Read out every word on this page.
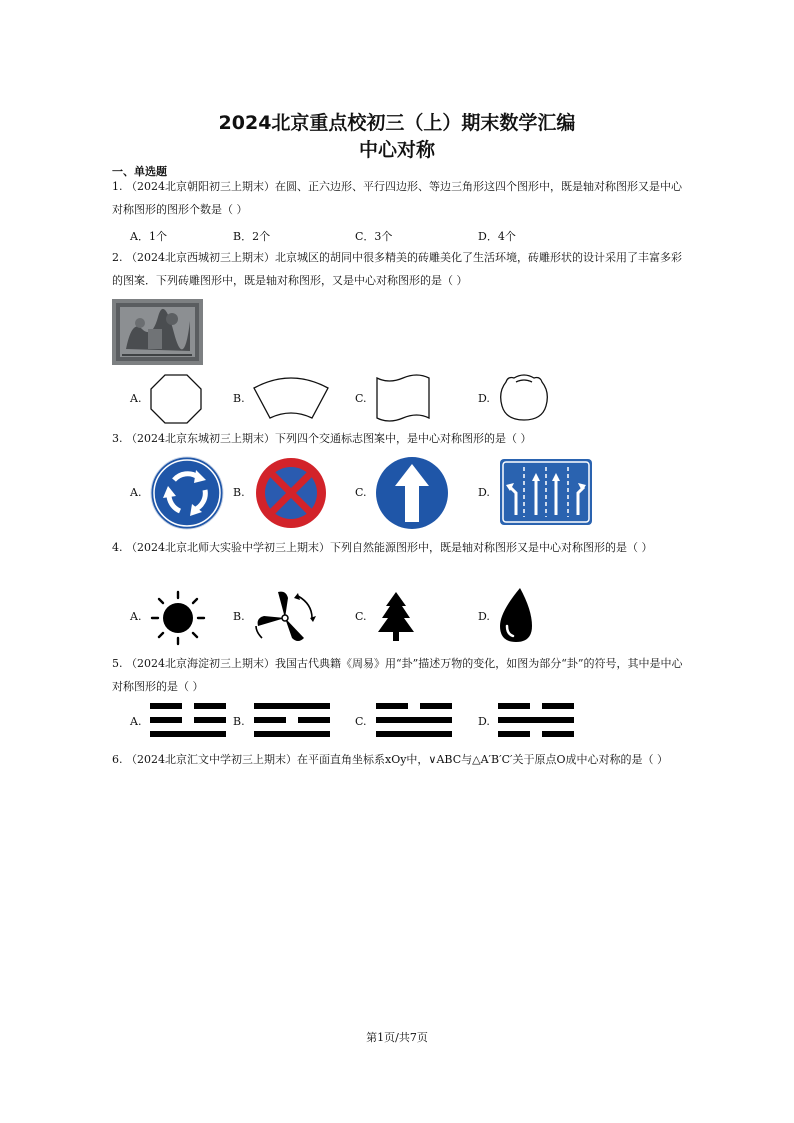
2024北京重点校初三（上）期末数学汇编
中心对称
一、单选题
1. （2024北京朝阳初三上期末）在圆、正六边形、平行四边形、等边三角形这四个图形中，既是轴对称图形又是中心对称图形的图形个数是（ ）
A．1个	B．2个	C．3个	D．4个
2. （2024北京西城初三上期末）北京城区的胡同中很多精美的砖雕美化了生活环境，砖雕形状的设计采用了丰富多彩的图案．下列砖雕图形中，既是轴对称图形，又是中心对称图形的是（ ）
A.	B.	C.	D.
3. （2024北京东城初三上期末）下列四个交通标志图案中，是中心对称图形的是（ ）
A.	B.	C.	D.
4. （2024北京北师大实验中学初三上期末）下列自然能源图形中，既是轴对称图形又是中心对称图形的是（ ）
A.	B.	C.	D.
5. （2024北京海淀初三上期末）我国古代典籍《周易》用“卦”描述万物的变化，如图为部分“卦”的符号，其中是中心对称图形的是（ ）
A.	B.	C.	D.
6. （2024北京汇文中学初三上期末）在平面直角坐标系xOy中，∨ABC与△A′B′C′关于原点O成中心对称的是（ ）
第1页/共7页
